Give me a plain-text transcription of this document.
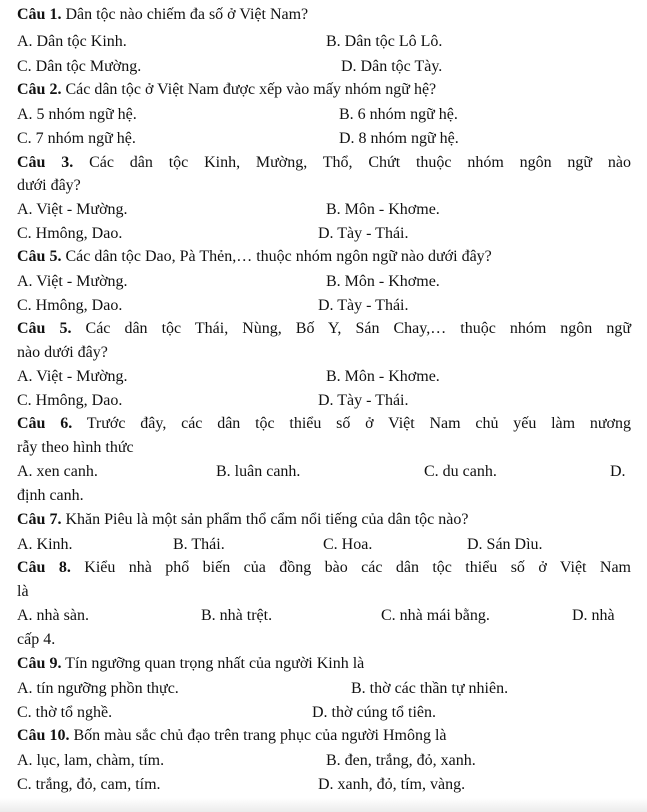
Câu 1. Dân tộc nào chiếm đa số ở Việt Nam?
A. Dân tộc Kinh.	B. Dân tộc Lô Lô.
C. Dân tộc Mường.	D. Dân tộc Tày.
Câu 2. Các dân tộc ở Việt Nam được xếp vào mấy nhóm ngữ hệ?
A. 5 nhóm ngữ hệ.	B. 6 nhóm ngữ hệ.
C. 7 nhóm ngữ hệ.	D. 8 nhóm ngữ hệ.
Câu 3. Các dân tộc Kinh, Mường, Thổ, Chứt thuộc nhóm ngôn ngữ nào
dưới đây?
A. Việt - Mường.	B. Môn - Khơme.
C. Hmông, Dao.	D. Tày - Thái.
Câu 5. Các dân tộc Dao, Pà Thẻn,… thuộc nhóm ngôn ngữ nào dưới đây?
A. Việt - Mường.	B. Môn - Khơme.
C. Hmông, Dao.	D. Tày - Thái.
Câu 5. Các dân tộc Thái, Nùng, Bố Y, Sán Chay,… thuộc nhóm ngôn ngữ
nào dưới đây?
A. Việt - Mường.	B. Môn - Khơme.
C. Hmông, Dao.	D. Tày - Thái.
Câu 6. Trước đây, các dân tộc thiểu số ở Việt Nam chủ yếu làm nương
rẫy theo hình thức
A. xen canh.	B. luân canh.	C. du canh.	D.
định canh.
Câu 7. Khăn Piêu là một sản phẩm thổ cẩm nổi tiếng của dân tộc nào?
A. Kinh.	B. Thái.	C. Hoa.	D. Sán Dìu.
Câu 8. Kiểu nhà phổ biến của đồng bào các dân tộc thiểu số ở Việt Nam
là
A. nhà sàn.	B. nhà trệt.	C. nhà mái bằng.	D. nhà
cấp 4.
Câu 9. Tín ngưỡng quan trọng nhất của người Kinh là
A. tín ngưỡng phồn thực.	B. thờ các thần tự nhiên.
C. thờ tổ nghề.	D. thờ cúng tổ tiên.
Câu 10. Bốn màu sắc chủ đạo trên trang phục của người Hmông là
A. lục, lam, chàm, tím.	B. đen, trắng, đỏ, xanh.
C. trắng, đỏ, cam, tím.	D. xanh, đỏ, tím, vàng.
